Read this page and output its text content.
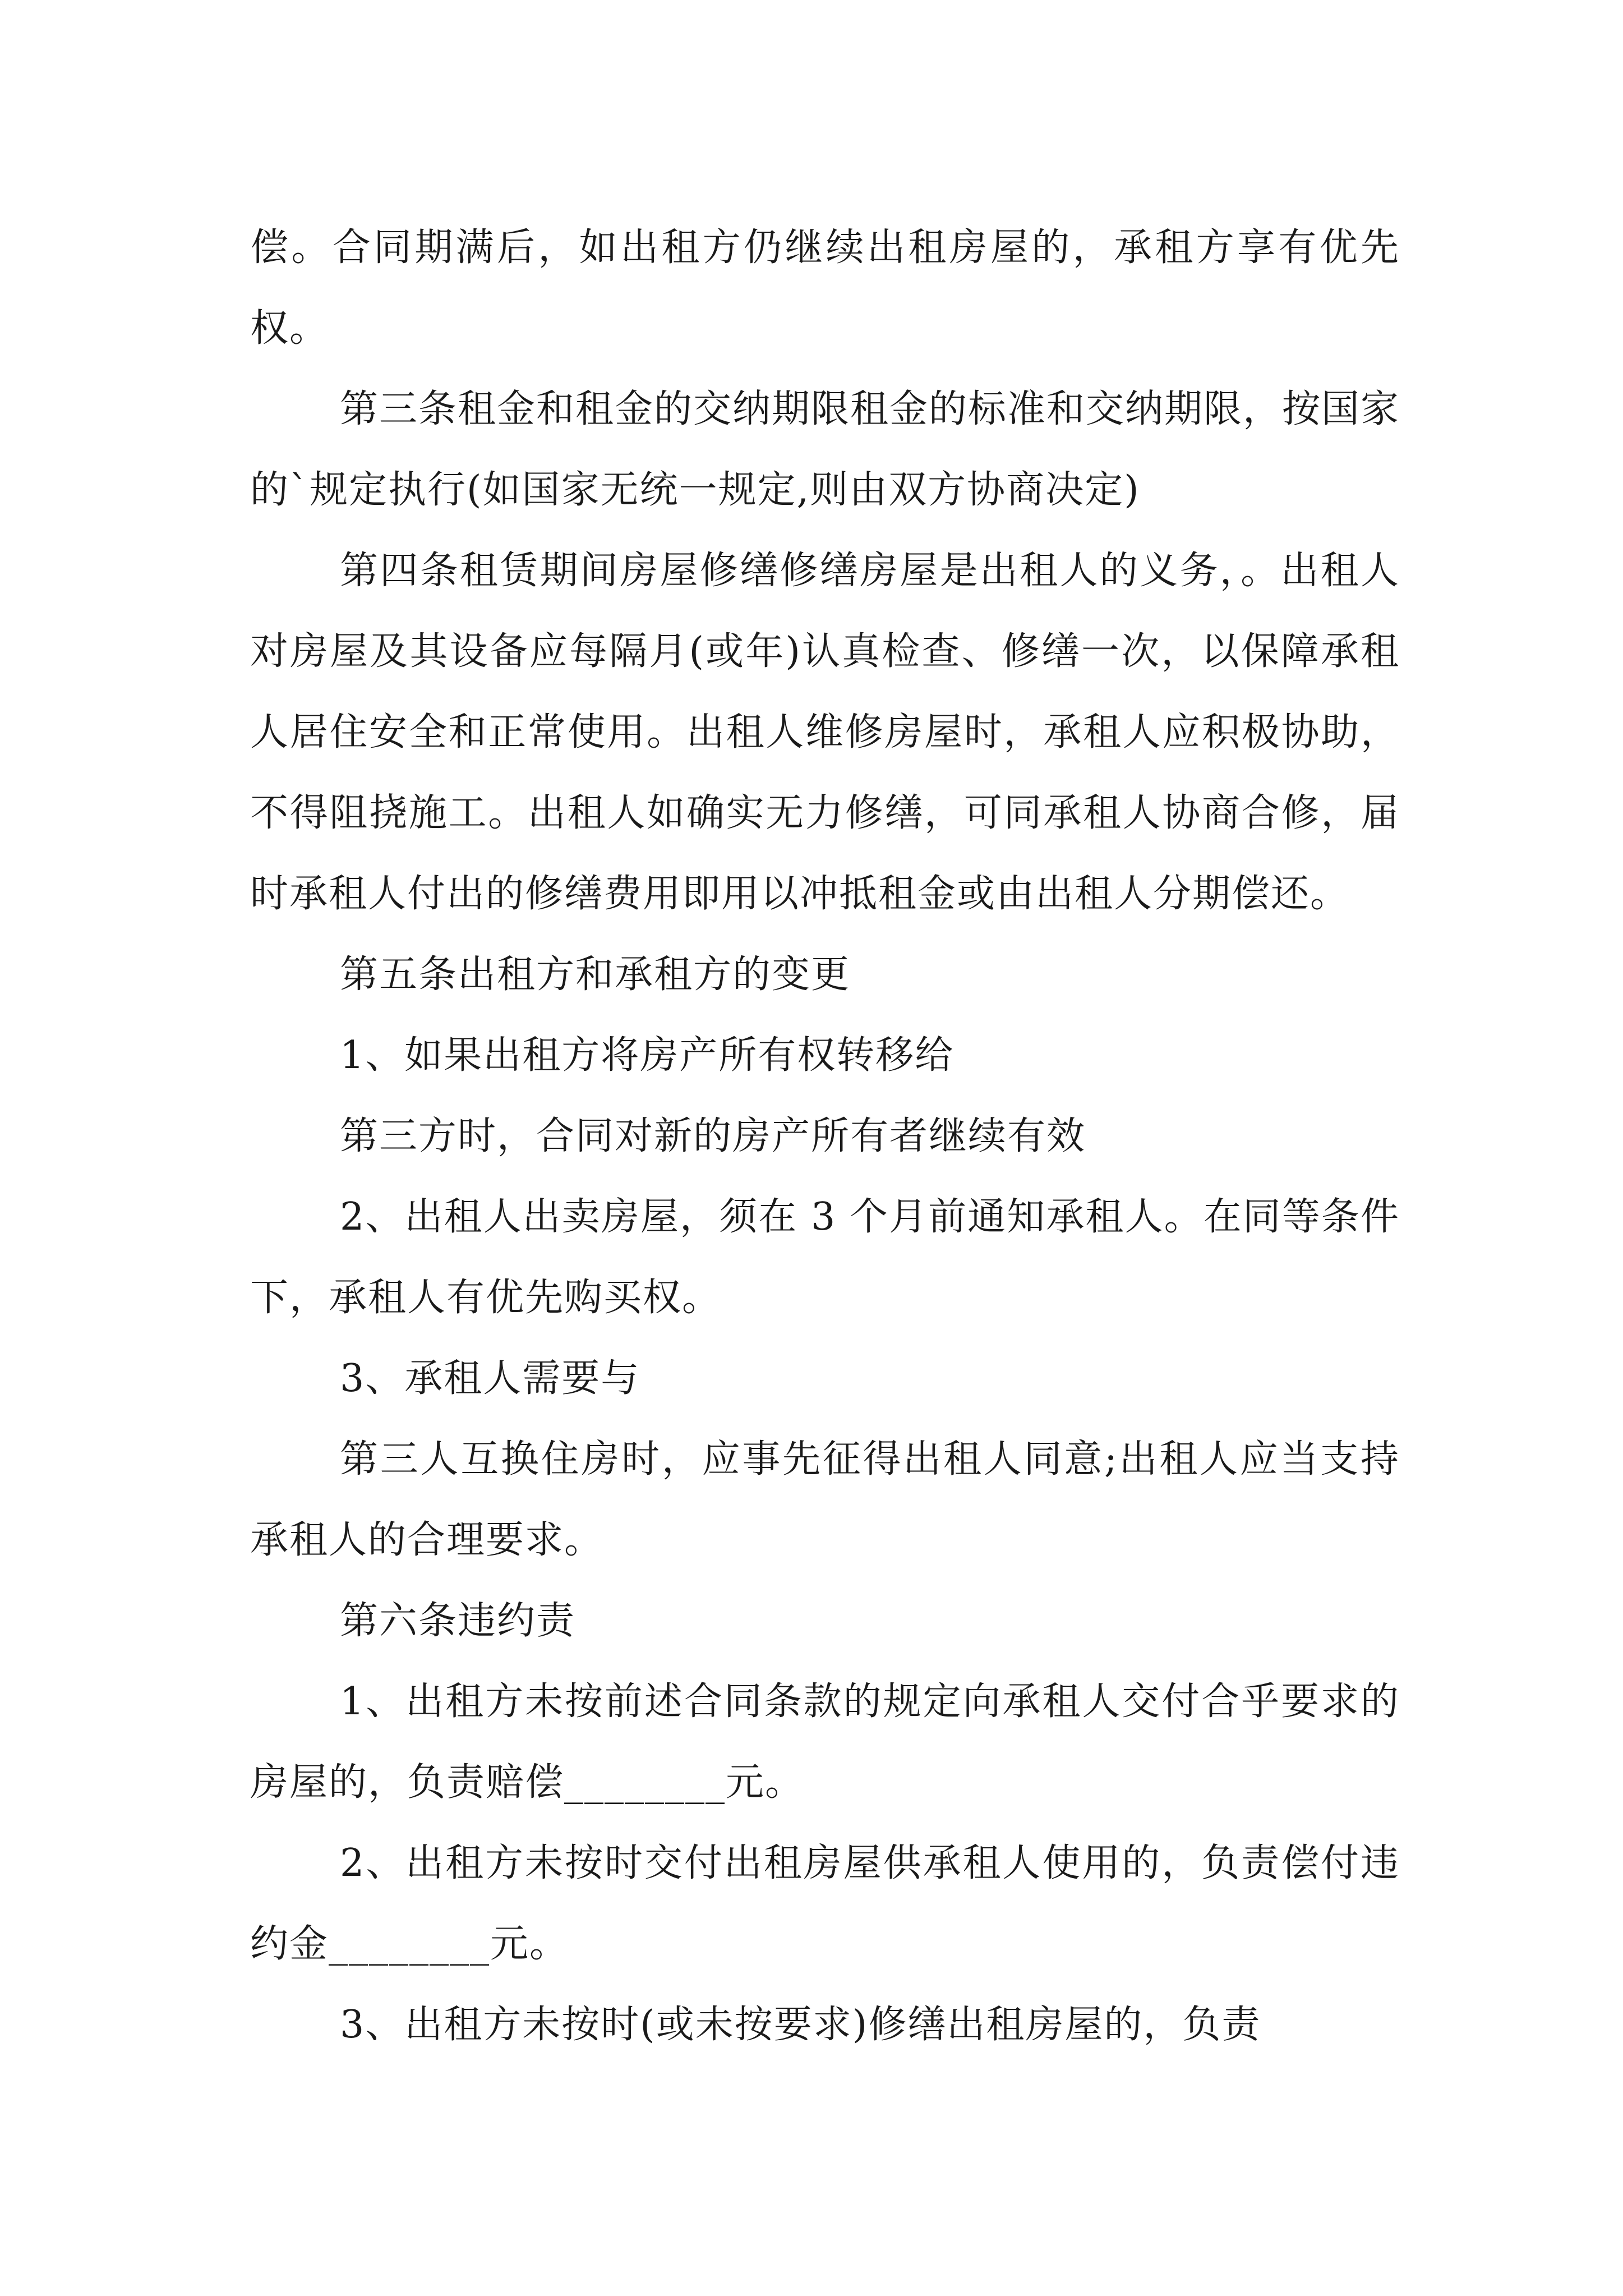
偿。合同期满后，如出租方仍继续出租房屋的，承租方享有优先权。

第三条租金和租金的交纳期限租金的标准和交纳期限，按国家的`规定执行(如国家无统一规定,则由双方协商决定)

第四条租赁期间房屋修缮修缮房屋是出租人的义务，。出租人对房屋及其设备应每隔月(或年)认真检查、修缮一次，以保障承租人居住安全和正常使用。出租人维修房屋时，承租人应积极协助，不得阻挠施工。出租人如确实无力修缮，可同承租人协商合修，届时承租人付出的修缮费用即用以冲抵租金或由出租人分期偿还。

第五条出租方和承租方的变更

1、如果出租方将房产所有权转移给

第三方时，合同对新的房产所有者继续有效

2、出租人出卖房屋，须在 3 个月前通知承租人。在同等条件下，承租人有优先购买权。

3、承租人需要与

第三人互换住房时，应事先征得出租人同意;出租人应当支持承租人的合理要求。

第六条违约责

1、出租方未按前述合同条款的规定向承租人交付合乎要求的房屋的，负责赔偿________元。

2、出租方未按时交付出租房屋供承租人使用的，负责偿付违约金________元。

3、出租方未按时(或未按要求)修缮出租房屋的，负责
